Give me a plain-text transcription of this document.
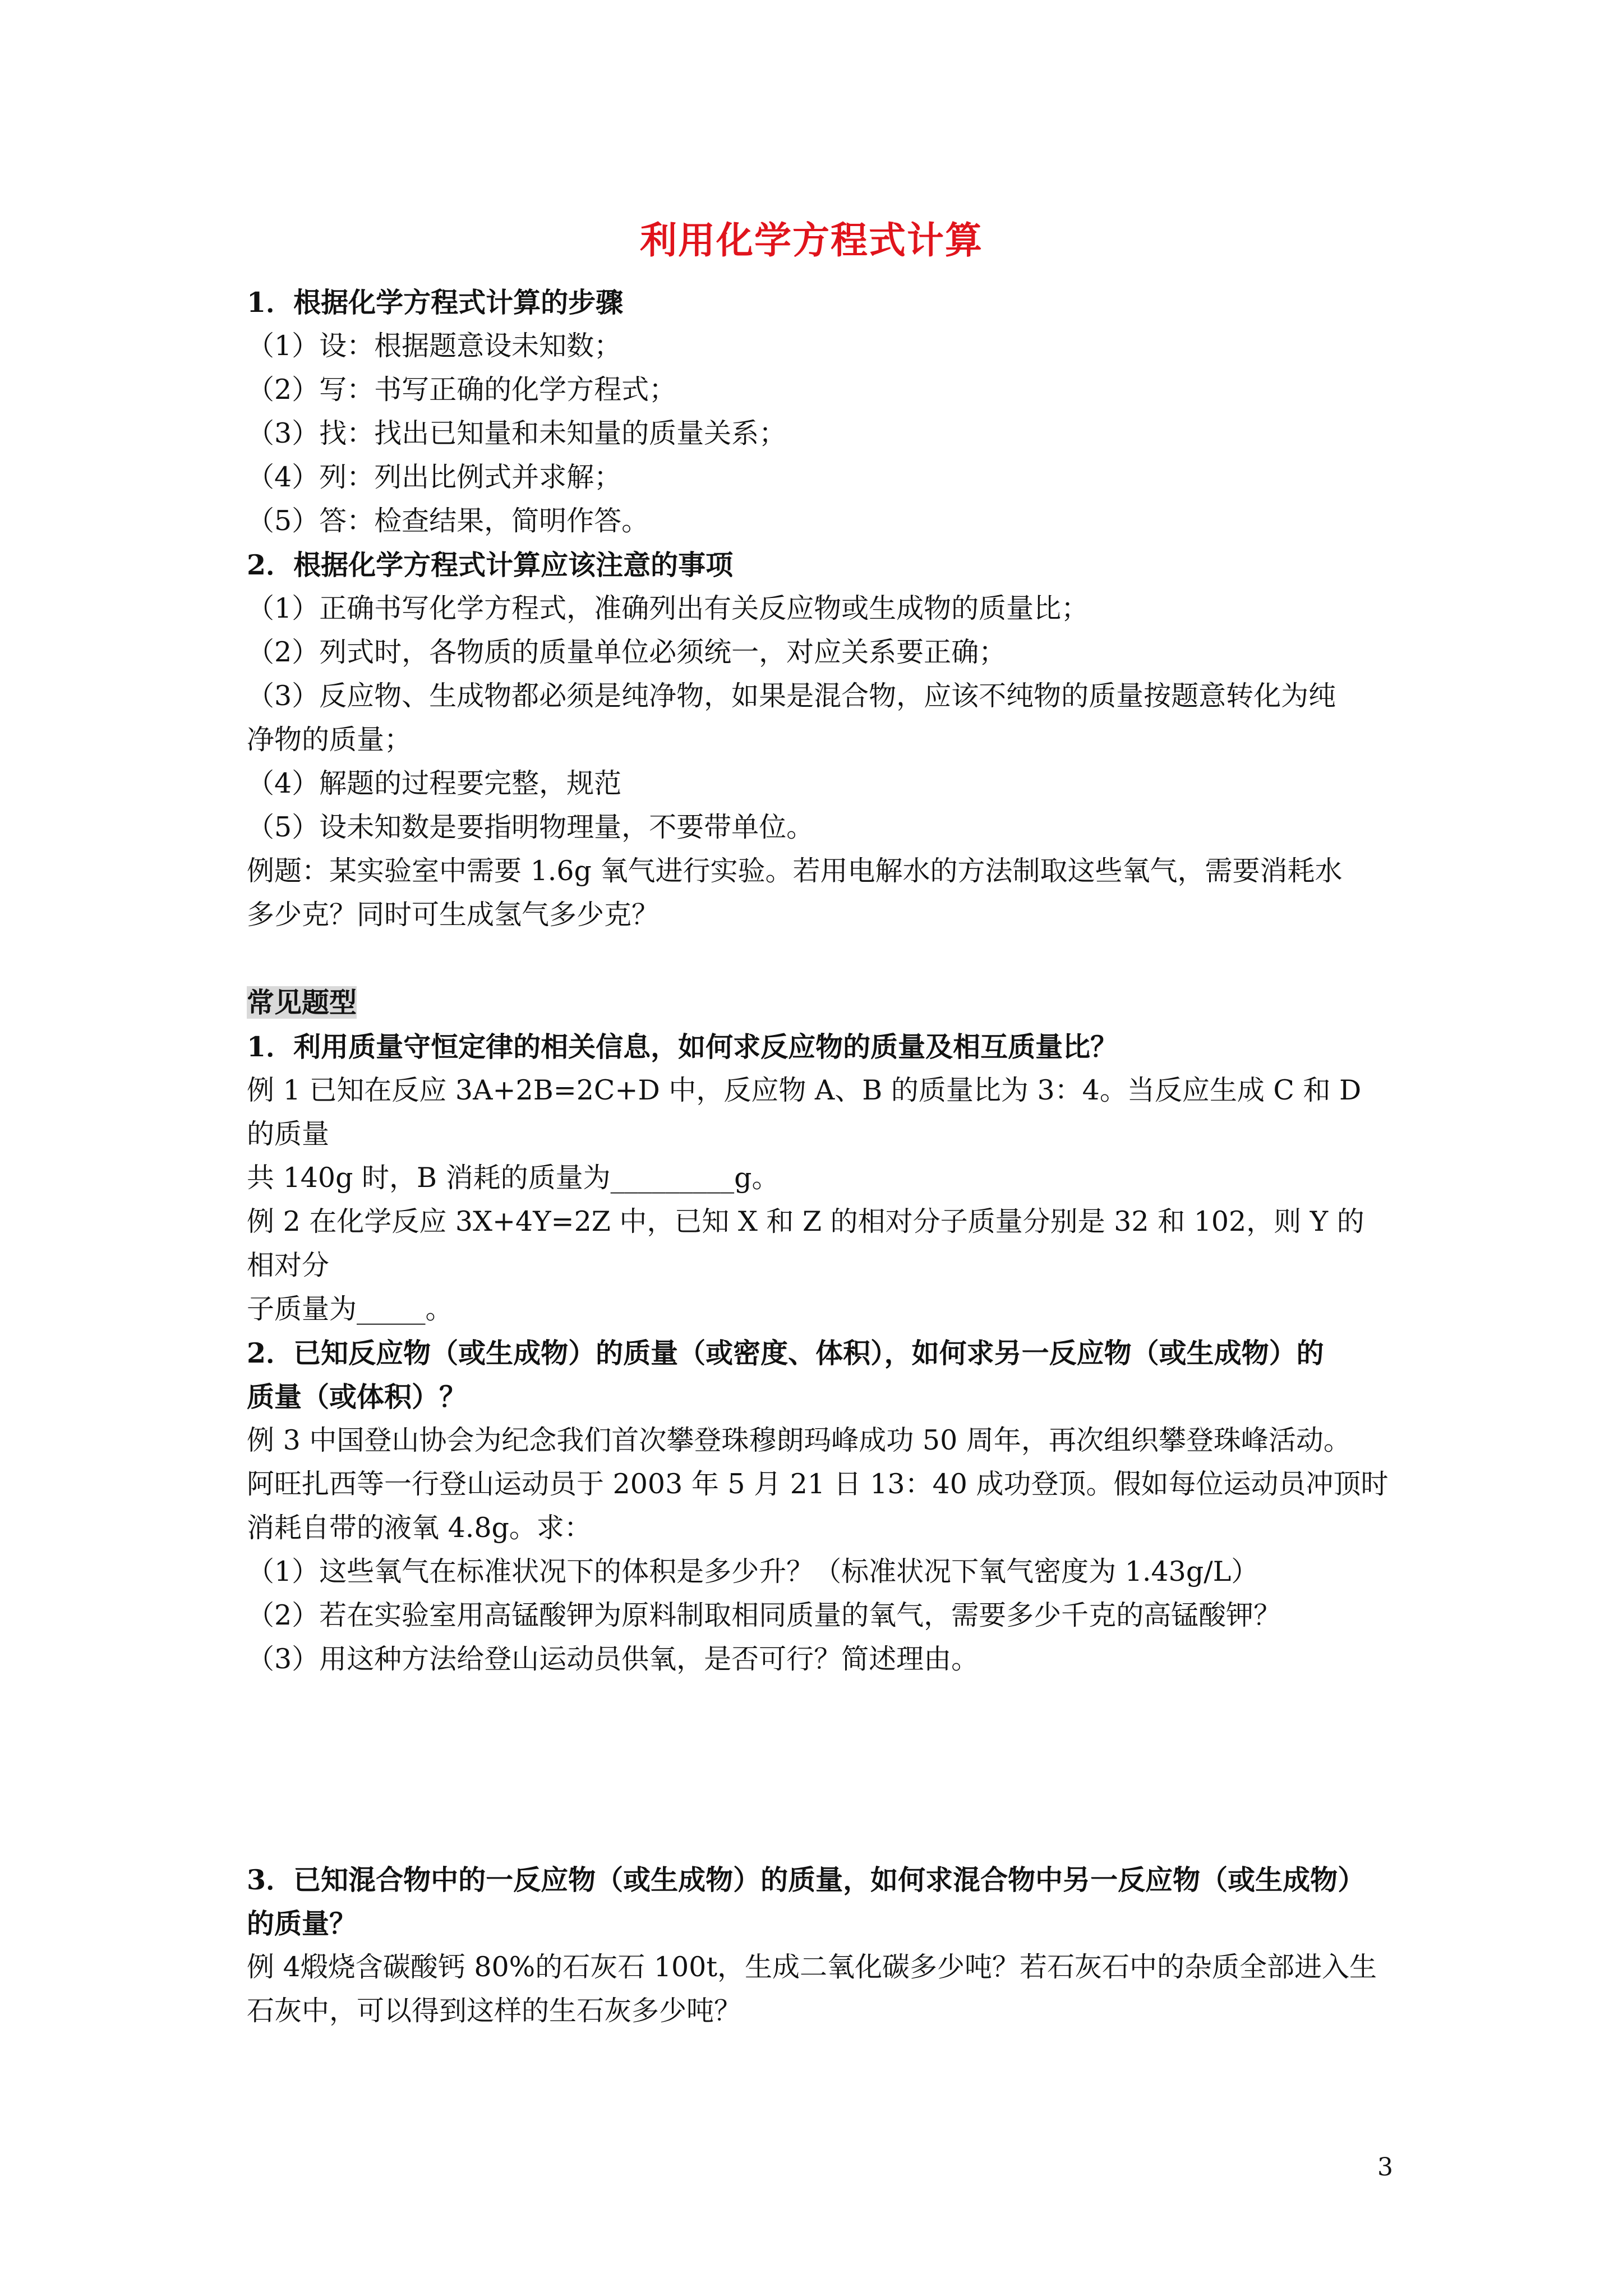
利用化学方程式计算

1．根据化学方程式计算的步骤

（1）设：根据题意设未知数；

（2）写：书写正确的化学方程式；

（3）找：找出已知量和未知量的质量关系；

（4）列：列出比例式并求解；

（5）答：检查结果，简明作答。

2．根据化学方程式计算应该注意的事项

（1）正确书写化学方程式，准确列出有关反应物或生成物的质量比；

（2）列式时，各物质的质量单位必须统一，对应关系要正确；

（3）反应物、生成物都必须是纯净物，如果是混合物，应该不纯物的质量按题意转化为纯

净物的质量；

（4）解题的过程要完整，规范

（5）设未知数是要指明物理量，不要带单位。

例题：某实验室中需要 1.6g 氧气进行实验。若用电解水的方法制取这些氧气，需要消耗水

多少克？同时可生成氢气多少克？

常见题型

1．利用质量守恒定律的相关信息，如何求反应物的质量及相互质量比？

例 1 已知在反应 3A+2B=2C+D 中，反应物 A、B 的质量比为 3：4。当反应生成 C 和 D 的质量

共 140g 时，B 消耗的质量为_________g。

例 2 在化学反应 3X+4Y=2Z 中，已知 X 和 Z 的相对分子质量分别是 32 和 102，则 Y 的相对分

子质量为_____。

2．已知反应物（或生成物）的质量（或密度、体积），如何求另一反应物（或生成物）的

质量（或体积）？

例 3 中国登山协会为纪念我们首次攀登珠穆朗玛峰成功 50 周年，再次组织攀登珠峰活动。

阿旺扎西等一行登山运动员于 2003 年 5 月 21 日 13：40 成功登顶。假如每位运动员冲顶时

消耗自带的液氧 4.8g。求：

（1）这些氧气在标准状况下的体积是多少升？（标准状况下氧气密度为 1.43g/L）

（2）若在实验室用高锰酸钾为原料制取相同质量的氧气，需要多少千克的高锰酸钾？

（3）用这种方法给登山运动员供氧，是否可行？简述理由。

3．已知混合物中的一反应物（或生成物）的质量，如何求混合物中另一反应物（或生成物）

的质量？

例 4煅烧含碳酸钙 80%的石灰石 100t，生成二氧化碳多少吨？若石灰石中的杂质全部进入生

石灰中，可以得到这样的生石灰多少吨？

3
